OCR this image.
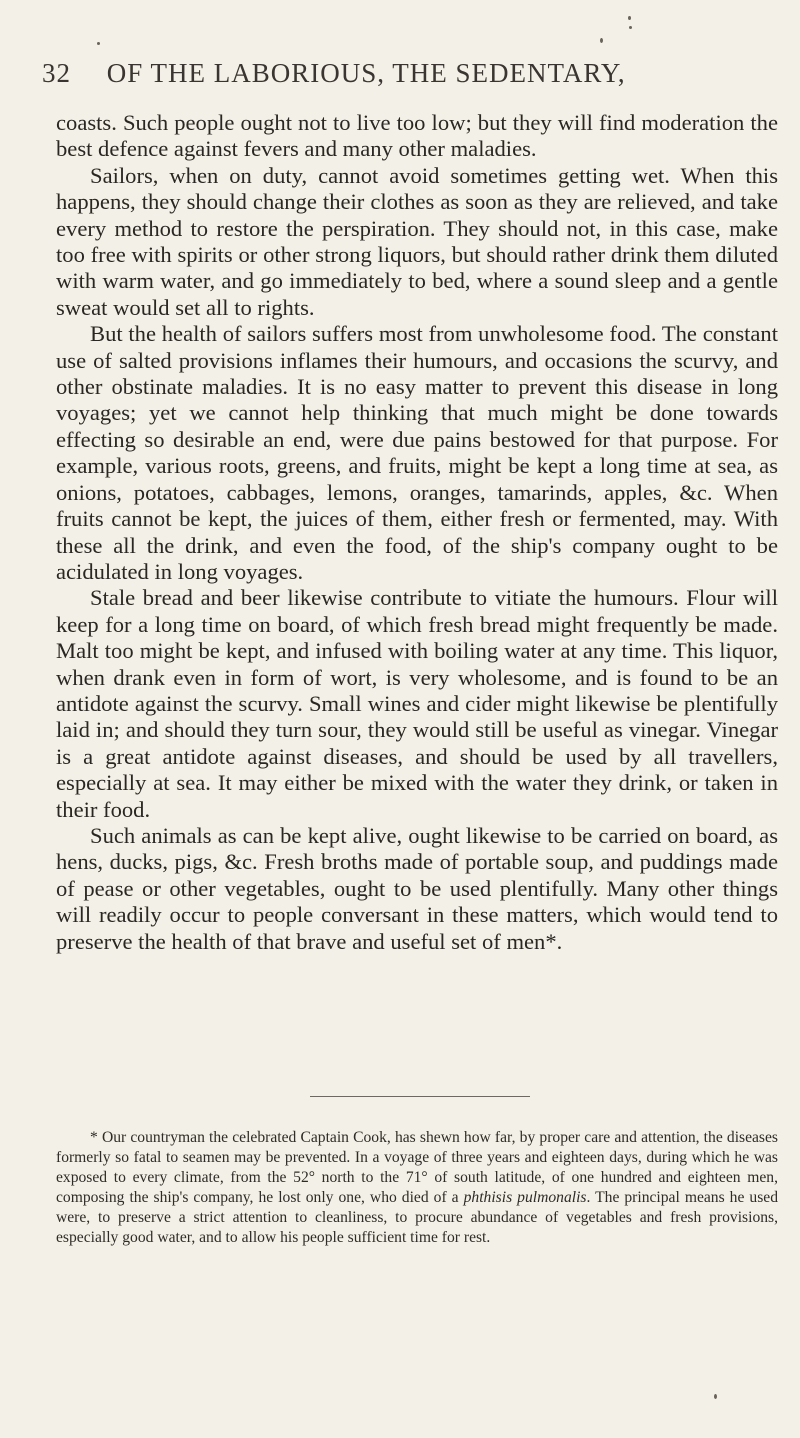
32 OF THE LABORIOUS, THE SEDENTARY,

coasts. Such people ought not to live too low; but they will find moderation the best defence against fevers and many other maladies.

Sailors, when on duty, cannot avoid sometimes getting wet. When this happens, they should change their clothes as soon as they are relieved, and take every method to restore the perspiration. They should not, in this case, make too free with spirits or other strong liquors, but should rather drink them diluted with warm water, and go immediately to bed, where a sound sleep and a gentle sweat would set all to rights.

But the health of sailors suffers most from unwholesome food. The constant use of salted provisions inflames their humours, and occasions the scurvy, and other obstinate maladies. It is no easy matter to prevent this disease in long voyages; yet we cannot help thinking that much might be done towards effecting so desirable an end, were due pains bestowed for that purpose. For example, various roots, greens, and fruits, might be kept a long time at sea, as onions, potatoes, cabbages, lemons, oranges, tamarinds, apples, &c. When fruits cannot be kept, the juices of them, either fresh or fermented, may. With these all the drink, and even the food, of the ship's company ought to be acidulated in long voyages.

Stale bread and beer likewise contribute to vitiate the humours. Flour will keep for a long time on board, of which fresh bread might frequently be made. Malt too might be kept, and infused with boiling water at any time. This liquor, when drank even in form of wort, is very wholesome, and is found to be an antidote against the scurvy. Small wines and cider might likewise be plentifully laid in; and should they turn sour, they would still be useful as vinegar. Vinegar is a great antidote against diseases, and should be used by all travellers, especially at sea. It may either be mixed with the water they drink, or taken in their food.

Such animals as can be kept alive, ought likewise to be carried on board, as hens, ducks, pigs, &c. Fresh broths made of portable soup, and puddings made of pease or other vegetables, ought to be used plentifully. Many other things will readily occur to people conversant in these matters, which would tend to preserve the health of that brave and useful set of men*.

* Our countryman the celebrated Captain Cook, has shewn how far, by proper care and attention, the diseases formerly so fatal to seamen may be prevented. In a voyage of three years and eighteen days, during which he was exposed to every climate, from the 52° north to the 71° of south latitude, of one hundred and eighteen men, composing the ship's company, he lost only one, who died of a phthisis pulmonalis. The principal means he used were, to preserve a strict attention to cleanliness, to procure abundance of vegetables and fresh provisions, especially good water, and to allow his people sufficient time for rest.
